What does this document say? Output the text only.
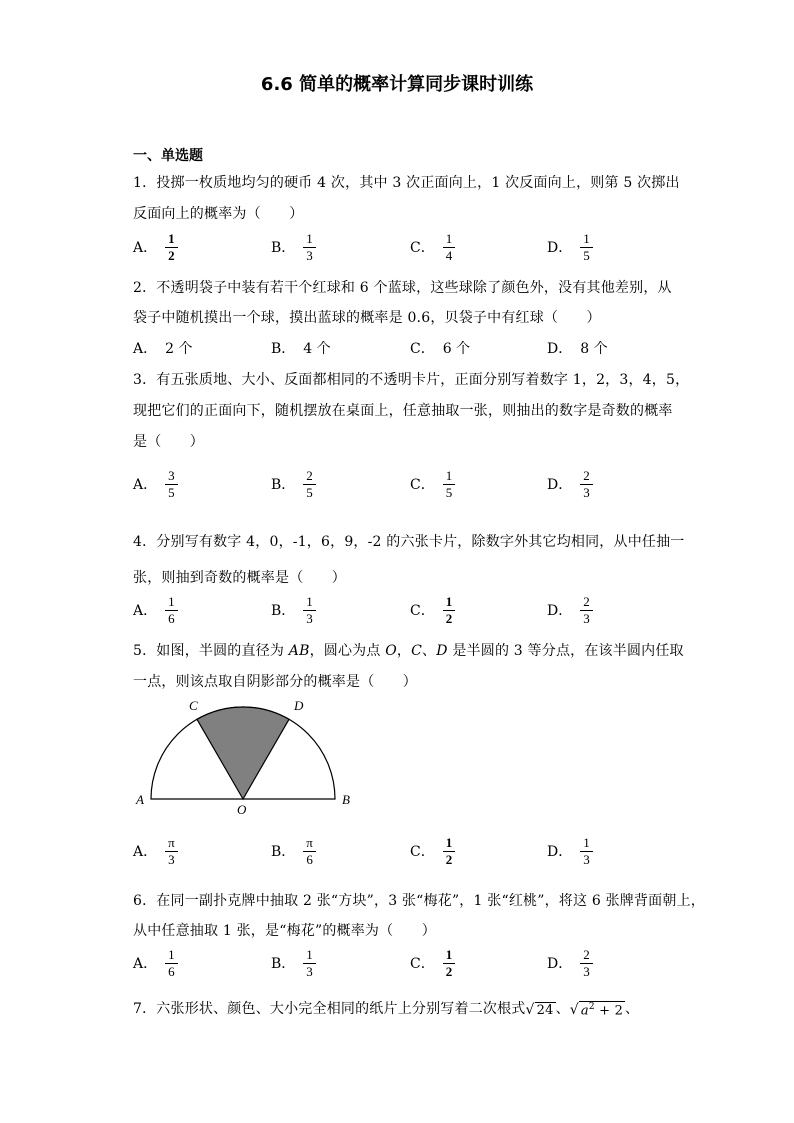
6.6 简单的概率计算同步课时训练
一、单选题
1．投掷一枚质地均匀的硬币 4 次，其中 3 次正面向上，1 次反面向上，则第 5 次掷出
反面向上的概率为（　　）
A． $\frac{1}{2}$	B． $\frac{1}{3}$	C． $\frac{1}{4}$	D． $\frac{1}{5}$
2．不透明袋子中装有若干个红球和 6 个蓝球，这些球除了颜色外，没有其他差别，从
袋子中随机摸出一个球，摸出蓝球的概率是 0.6，贝袋子中有红球（　　）
A． 2 个	B． 4 个	C． 6 个	D． 8 个
3．有五张质地、大小、反面都相同的不透明卡片，正面分别写着数字 1，2，3，4，5，
现把它们的正面向下，随机摆放在桌面上，任意抽取一张，则抽出的数字是奇数的概率
是（　　）
A． $\frac{3}{5}$	B． $\frac{2}{5}$	C． $\frac{1}{5}$	D． $\frac{2}{3}$
4．分别写有数字 4，0，-1，6，9，-2 的六张卡片，除数字外其它均相同，从中任抽一
张，则抽到奇数的概率是（　　）
A． $\frac{1}{6}$	B． $\frac{1}{3}$	C． $\frac{1}{2}$	D． $\frac{2}{3}$
5．如图，半圆的直径为 AB，圆心为点 O，C、D 是半圆的 3 等分点，在该半圆内任取
一点，则该点取自阴影部分的概率是（　　）
A	B
C	D
O
A． $\frac{\pi}{3}$	B． $\frac{\pi}{6}$	C． $\frac{1}{2}$	D． $\frac{1}{3}$
6．在同一副扑克牌中抽取 2 张“方块”，3 张“梅花”，1 张“红桃”，将这 6 张牌背面朝上，
从中任意抽取 1 张，是“梅花”的概率为（　　）
A． $\frac{1}{6}$	B． $\frac{1}{3}$	C． $\frac{1}{2}$	D． $\frac{2}{3}$
7．六张形状、颜色、大小完全相同的纸片上分别写着二次根式 √ 24 、 √ $a^2 + 2$ 、
